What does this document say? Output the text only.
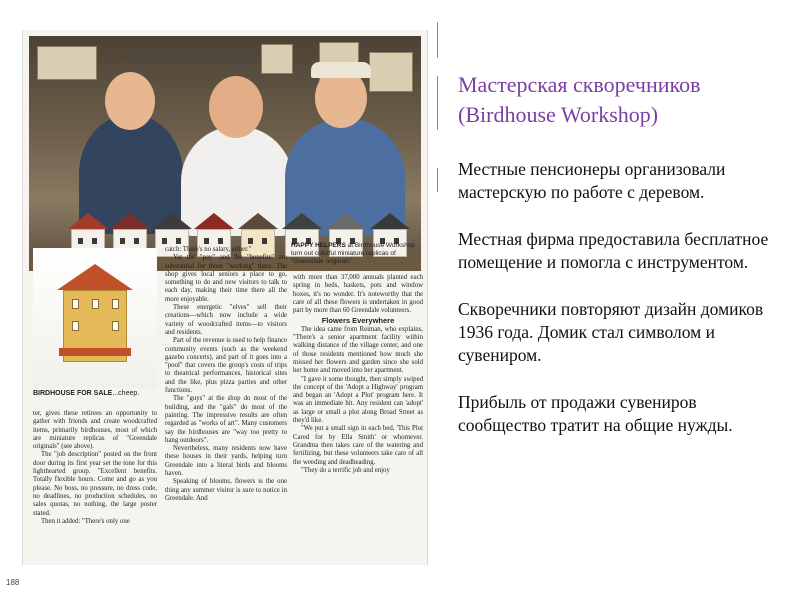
BIRDHOUSE FOR SALE...cheep.
HAPPY HELPERS at Birdhouse Workshop turn out colorful miniature replicas of "Greendale originals".

ter, gives these retirees an opportunity to gather with friends and create woodcrafted items, primarily birdhouses, most of which are miniature replicas of "Greendale originals" (see above).

The "job description" posted on the front door during its first year set the tone for this lighthearted group. "Excellent benefits. Totally flexible hours. Come and go as you please. No boss, no pressure, no dress code, no deadlines, no production schedules, no sales quotas, no nothing, the large poster stated.

Then it added: "There's only one

catch: There's no salary, either."

Yet the "pay" and the "benefits" are substantial for those "working" there. The shop gives local seniors a place to go, something to do and new visitors to talk to each day, making their time there all the more enjoyable.

These energetic "elves" sell their creations—which now include a wide variety of woodcrafted items—to visitors and residents.

Part of the revenue is used to help finance community events (such as the weekend gazebo concerts), and part of it goes into a "pool" that covers the group's costs of trips to theatrical performances, historical sites and the like, plus pizza parties and other functions.

The "guys" at the shop do most of the building, and the "gals" do most of the painting. The impressive results are often regarded as "works of art". Many customers say the birdhouses are "way too pretty to hang outdoors".

Nevertheless, many residents now have these houses in their yards, helping turn Greendale into a literal birds and blooms haven.

Speaking of blooms, flowers is the one thing any summer visitor is sure to notice in Greendale. And

with more than 37,000 annuals planted each spring in beds, baskets, pots and window boxes, it's no wonder. It's noteworthy that the care of all these flowers is undertaken in good part by more than 60 Greendale volunteers.

Flowers Everywhere

The idea came from Reiman, who explains, "There's a senior apartment facility within walking distance of the village center, and one of those residents mentioned how much she missed her flowers and garden since she sold her home and moved into her apartment.

"I gave it some thought, then simply swiped the concept of the 'Adopt a Highway' program and began an 'Adopt a Plot' program here. It was an immediate hit. Any resident can 'adopt' as large or small a plot along Broad Street as they'd like.

"We put a small sign in each bed, 'This Plot Cared for by Ella Smith' or whomever. Grandma then takes care of the watering and fertilizing, but these volunteers take care of all the weeding and deadheading.

"They do a terrific job and enjoy

188
Мастерская скворечников (Birdhouse Workshop)
Местные пенсионеры организовали мастерскую по работе с деревом.
Местная фирма предоставила бесплатное помещение и помогла с инструментом.
Скворечники повторяют дизайн домиков 1936 года. Домик стал символом и сувениром.
Прибыль от продажи сувениров сообщество тратит на общие нужды.
